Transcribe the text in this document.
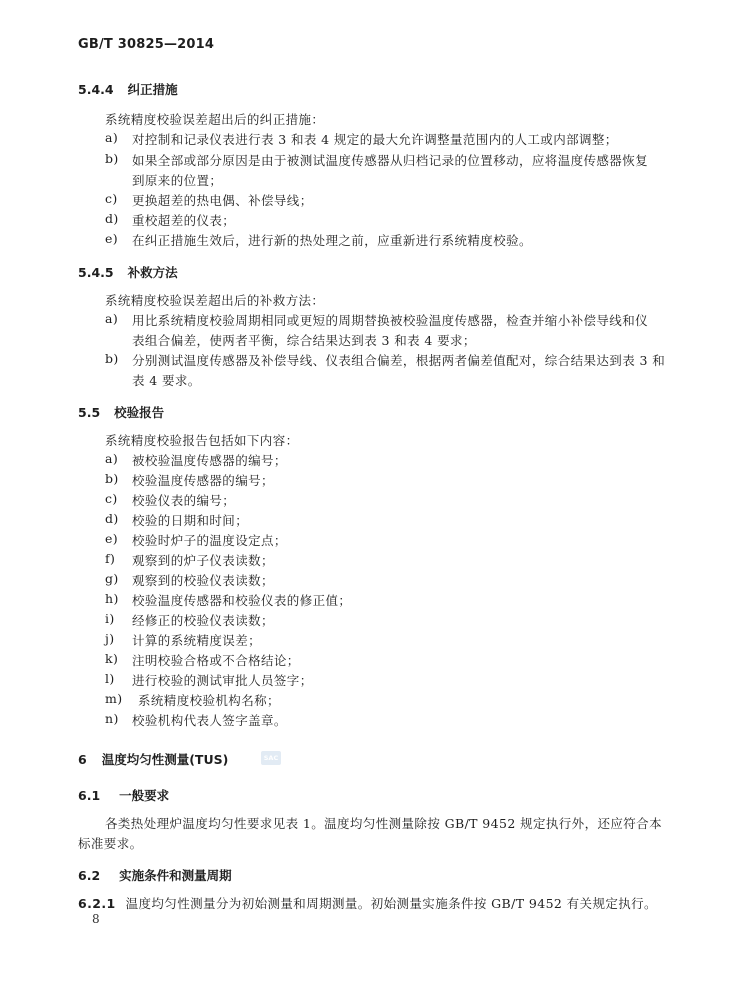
GB/T 30825—2014
5.4.4 纠正措施
系统精度校验误差超出后的纠正措施：
a) 对控制和记录仪表进行表 3 和表 4 规定的最大允许调整量范围内的人工或内部调整；
b) 如果全部或部分原因是由于被测试温度传感器从归档记录的位置移动，应将温度传感器恢复
到原来的位置；
c) 更换超差的热电偶、补偿导线；
d) 重校超差的仪表；
e) 在纠正措施生效后，进行新的热处理之前，应重新进行系统精度校验。
5.4.5 补救方法
系统精度校验误差超出后的补救方法：
a) 用比系统精度校验周期相同或更短的周期替换被校验温度传感器，检查并缩小补偿导线和仪
表组合偏差，使两者平衡，综合结果达到表 3 和表 4 要求；
b) 分别测试温度传感器及补偿导线、仪表组合偏差，根据两者偏差值配对，综合结果达到表 3 和
表 4 要求。
5.5 校验报告
系统精度校验报告包括如下内容：
a) 被校验温度传感器的编号；
b) 校验温度传感器的编号；
c) 校验仪表的编号；
d) 校验的日期和时间；
e) 校验时炉子的温度设定点；
f) 观察到的炉子仪表读数；
g) 观察到的校验仪表读数；
h) 校验温度传感器和校验仪表的修正值；
i) 经修正的校验仪表读数；
j) 计算的系统精度误差；
k) 注明校验合格或不合格结论；
l) 进行校验的测试审批人员签字；
m) 系统精度校验机构名称；
n) 校验机构代表人签字盖章。
6 温度均匀性测量(TUS)	SAC
6.1 一般要求
各类热处理炉温度均匀性要求见表 1。温度均匀性测量除按 GB/T 9452 规定执行外，还应符合本
标准要求。
6.2 实施条件和测量周期
6.2.1 温度均匀性测量分为初始测量和周期测量。初始测量实施条件按 GB/T 9452 有关规定执行。
8
